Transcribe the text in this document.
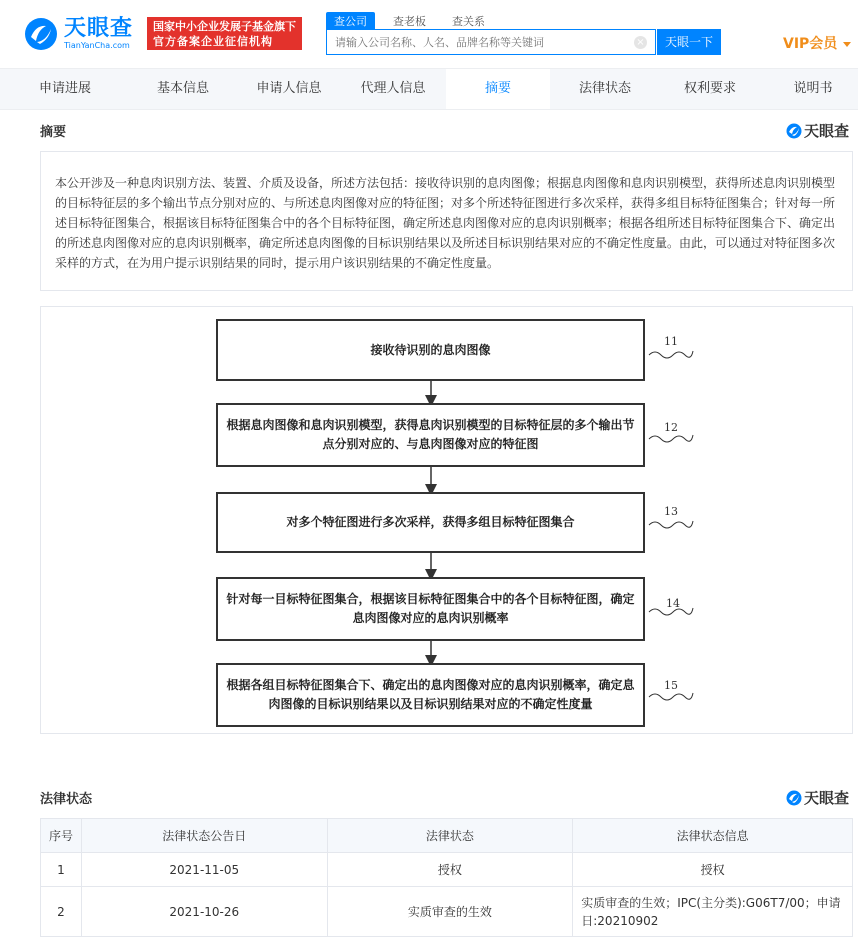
天眼查
TianYanCha.com
国家中小企业发展子基金旗下
官方备案企业征信机构
查公司	查老板	查关系
请输入公司名称、人名、品牌名称等关键词
×	天眼一下	VIP会员
申请进展	基本信息	申请人信息	代理人信息	摘要	法律状态	权利要求	说明书
摘要	天眼查

本公开涉及一种息肉识别方法、装置、介质及设备，所述方法包括：接收待识别的息肉图像；根据息肉图像和息肉识别模型，获得所述息肉识别模型的目标特征层的多个输出节点分别对应的、与所述息肉图像对应的特征图；对多个所述特征图进行多次采样，获得多组目标特征图集合；针对每一所述目标特征图集合，根据该目标特征图集合中的各个目标特征图，确定所述息肉图像对应的息肉识别概率；根据各组所述目标特征图集合下、确定出的所述息肉图像对应的息肉识别概率，确定所述息肉图像的目标识别结果以及所述目标识别结果对应的不确定性度量。由此，可以通过对特征图多次采样的方式，在为用户提示识别结果的同时，提示用户该识别结果的不确定性度量。

接收待识别的息肉图像
根据息肉图像和息肉识别模型，获得息肉识别模型的目标特征层的多个输出节点分别对应的、与息肉图像对应的特征图
对多个特征图进行多次采样，获得多组目标特征图集合
针对每一目标特征图集合，根据该目标特征图集合中的各个目标特征图，确定息肉图像对应的息肉识别概率
根据各组目标特征图集合下、确定出的息肉图像对应的息肉识别概率，确定息肉图像的目标识别结果以及目标识别结果对应的不确定性度量
11
12
13
14
15
法律状态	天眼查
序号	法律状态公告日	法律状态	法律状态信息
1	2021-11-05	授权	授权
2	2021-10-26	实质审查的生效	实质审查的生效；IPC(主分类):G06T7/00；申请日:20210902
